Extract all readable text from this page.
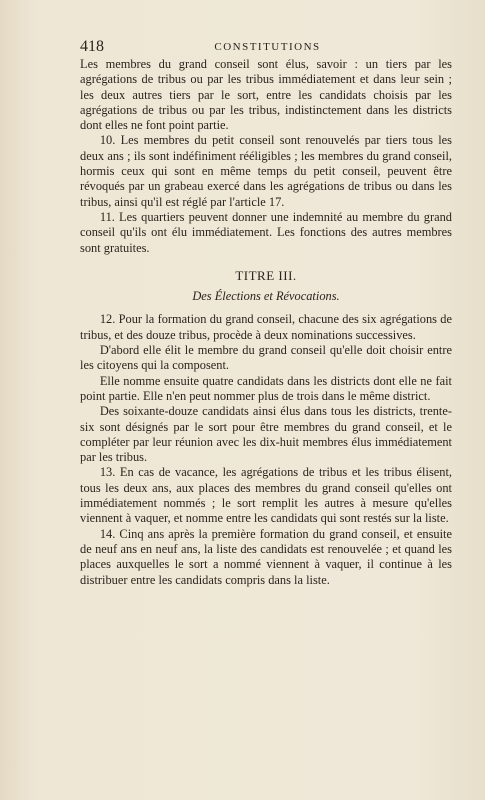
418	CONSTITUTIONS

Les membres du grand conseil sont élus, savoir : un tiers par les agrégations de tribus ou par les tribus immédiatement et dans leur sein ; les deux autres tiers par le sort, entre les candidats choisis par les agrégations de tribus ou par les tribus, indistinctement dans les districts dont elles ne font point partie.

10. Les membres du petit conseil sont renouvelés par tiers tous les deux ans ; ils sont indéfiniment rééligibles ; les membres du grand conseil, hormis ceux qui sont en même temps du petit conseil, peuvent être révoqués par un grabeau exercé dans les agrégations de tribus ou dans les tribus, ainsi qu'il est réglé par l'article 17.

11. Les quartiers peuvent donner une indemnité au membre du grand conseil qu'ils ont élu immédiatement. Les fonctions des autres membres sont gratuites.

TITRE III.
Des Élections et Révocations.

12. Pour la formation du grand conseil, chacune des six agrégations de tribus, et des douze tribus, procède à deux nominations successives.

D'abord elle élit le membre du grand conseil qu'elle doit choisir entre les citoyens qui la composent.

Elle nomme ensuite quatre candidats dans les districts dont elle ne fait point partie. Elle n'en peut nommer plus de trois dans le même district.

Des soixante-douze candidats ainsi élus dans tous les districts, trente-six sont désignés par le sort pour être membres du grand conseil, et le compléter par leur réunion avec les dix-huit membres élus immédiatement par les tribus.

13. En cas de vacance, les agrégations de tribus et les tribus élisent, tous les deux ans, aux places des membres du grand conseil qu'elles ont immédiatement nommés ; le sort remplit les autres à mesure qu'elles viennent à vaquer, et nomme entre les candidats qui sont restés sur la liste.

14. Cinq ans après la première formation du grand conseil, et ensuite de neuf ans en neuf ans, la liste des candidats est renouvelée ; et quand les places auxquelles le sort a nommé viennent à vaquer, il continue à les distribuer entre les candidats compris dans la liste.
